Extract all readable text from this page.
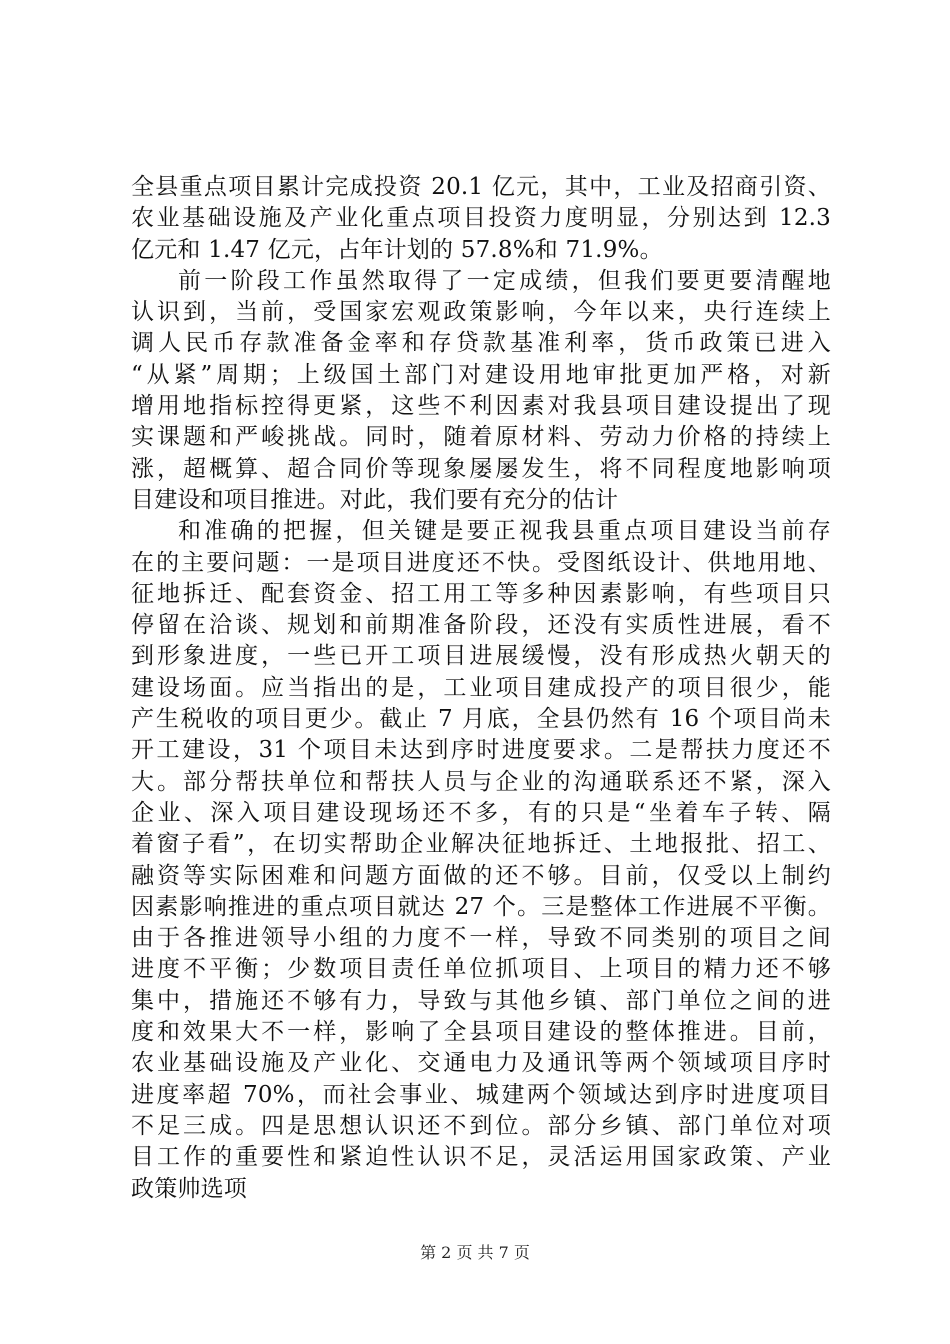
全县重点项目累计完成投资 20.1 亿元，其中，工业及招商引资、
农业基础设施及产业化重点项目投资力度明显，分别达到 12.3
亿元和 1.47 亿元，占年计划的 57.8%和 71.9%。
前一阶段工作虽然取得了一定成绩，但我们要更要清醒地
认识到，当前，受国家宏观政策影响，今年以来，央行连续上
调人民币存款准备金率和存贷款基准利率，货币政策已进入
“从紧”周期；上级国土部门对建设用地审批更加严格，对新
增用地指标控得更紧，这些不利因素对我县项目建设提出了现
实课题和严峻挑战。同时，随着原材料、劳动力价格的持续上
涨，超概算、超合同价等现象屡屡发生，将不同程度地影响项
目建设和项目推进。对此，我们要有充分的估计
和准确的把握，但关键是要正视我县重点项目建设当前存
在的主要问题：一是项目进度还不快。受图纸设计、供地用地、
征地拆迁、配套资金、招工用工等多种因素影响，有些项目只
停留在洽谈、规划和前期准备阶段，还没有实质性进展，看不
到形象进度，一些已开工项目进展缓慢，没有形成热火朝天的
建设场面。应当指出的是，工业项目建成投产的项目很少，能
产生税收的项目更少。截止 7 月底，全县仍然有 16 个项目尚未
开工建设，31 个项目未达到序时进度要求。二是帮扶力度还不
大。部分帮扶单位和帮扶人员与企业的沟通联系还不紧，深入
企业、深入项目建设现场还不多，有的只是“坐着车子转、隔
着窗子看”，在切实帮助企业解决征地拆迁、土地报批、招工、
融资等实际困难和问题方面做的还不够。目前，仅受以上制约
因素影响推进的重点项目就达 27 个。三是整体工作进展不平衡。
由于各推进领导小组的力度不一样，导致不同类别的项目之间
进度不平衡；少数项目责任单位抓项目、上项目的精力还不够
集中，措施还不够有力，导致与其他乡镇、部门单位之间的进
度和效果大不一样，影响了全县项目建设的整体推进。目前，
农业基础设施及产业化、交通电力及通讯等两个领域项目序时
进度率超 70%，而社会事业、城建两个领域达到序时进度项目
不足三成。四是思想认识还不到位。部分乡镇、部门单位对项
目工作的重要性和紧迫性认识不足，灵活运用国家政策、产业
政策帅选项
第 2 页 共 7 页
